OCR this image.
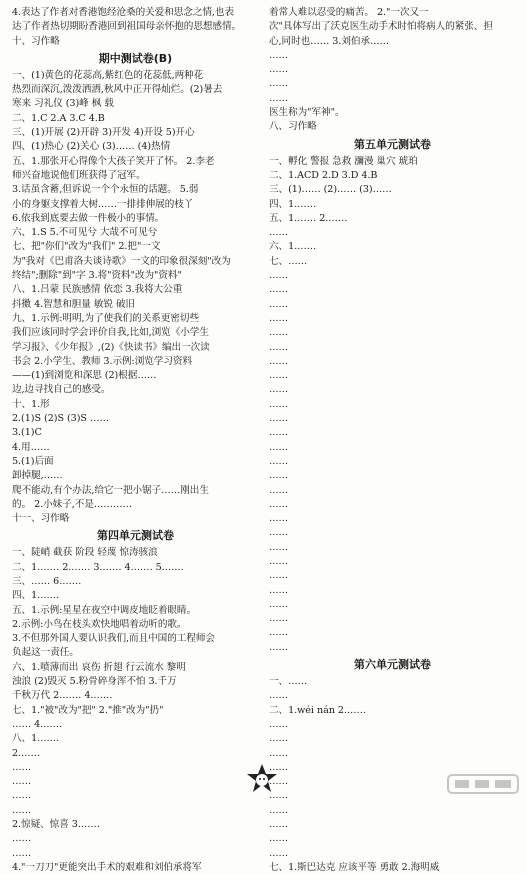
4.表达了作者对香港饱经沧桑的关爱和思念之情,也表
达了作者热切期盼香港回到祖国母亲怀抱的思想感情。
十、习作略
期中测试卷(B)
一、(1)黄色的花蕊高,紫红色的花蕊低,两种花
热烈而深沉,泼泼洒洒,秋风中正开得灿烂。(2)暑去
寒来 习礼仪 (3)峰 枫 载
二、1.C 2.A 3.C 4.B
三、(1)开展 (2)开辟 3)开发 4)开设 5)开心
四、(1)热心 (2)关心 (3)…… (4)热情
五、1.那张开心得像个大孩子笑开了怀。 2.李老
师兴奋地说他们班获得了冠军。
3.话虽含蓄,但诉说一个个永恒的话题。 5.弱
小的身躯支撑着大树……一排排伸展的枝丫
6.依我到底要去做一件极小的事情。
六、1.S 5.不可见兮 大哉不可见兮
七、把"你们"改为"我们" 2.把"一文
为"我对《巴甫洛夫谈诗歌》一文的印象很深刻"改为
终结";删除"到"字 3.将"资料"改为"资料"
八、1.吕蒙 民族感情 依恋 3.我将大公重
抖擞 4.智慧和胆量 敏锐 破旧
九、1.示例:明明,为了使我们的关系更密切些
我们应该同时学会评价自我,比如,浏览《小学生
学习报》、《少年报》,(2)《快读书》编出一次读
书会 2.小学生、教师 3.示例:浏览学习资料
——(1)到浏览和深思 (2)根据……
边,边寻找自己的感受。
十、1.形
2.(1)S (2)S (3)S ……
3.(1)C
4.用……
5.(1)后面
卸掉腿,……
爬不能动,有个办法,给它一把小锯子……刚出生
的。 2.小妹子,不是…………
十一、习作略
第四单元测试卷
一、陡峭 截获 阶段 轻蔑 惊涛骇浪
二、1.…… 2.…… 3.…… 4.…… 5.……
三、…… 6.……
四、1.……
五、1.示例:星星在夜空中调皮地眨着眼睛。
2.示例:小鸟在枝头欢快地唱着动听的歌。
3.不但那外国人要认识我们,而且中国的工程师会
负起这一责任。
六、1.喷薄而出 哀伤 折翅 行云流水 黎明
浊浪 (2)毁灭 5.粉骨碎身浑不怕 3.千万
千秋万代 2.…… 4.……
七、1."被"改为"把" 2."推"改为"扔"
…… 4.……
八、1.……
2.……
……
……
……
……
2.惊疑、惊喜 3.……
……
……
4."一刀刀"更能突出手术的艰难和刘伯承将军
着常人难以忍受的痛苦。 2."一次又一
次"具体写出了沃克医生动手术时怕将病人的紧张、担
心,同时也…… 3.刘伯承……
……
……
……
……
医生称为"军神"。
八、习作略
第五单元测试卷
一、孵化 警报 急救 瀰漫 巢穴 琥珀
二、1.ACD 2.D 3.D 4.B
三、(1)…… (2)…… (3)……
四、1.……
五、1.…… 2.……
……
六、1.……
七、……
……
……
……
……
……
……
……
……
……
……
……
……
……
……
……
……
……
……
……
……
……
……
……
……
……
……
……
第六单元测试卷
一、……
……
二、1.wéi nán 2.……
……
……
……
……
……
……
……
……
……
……
七、1.斯巴达克 应该平等 勇敢 2.海明威
